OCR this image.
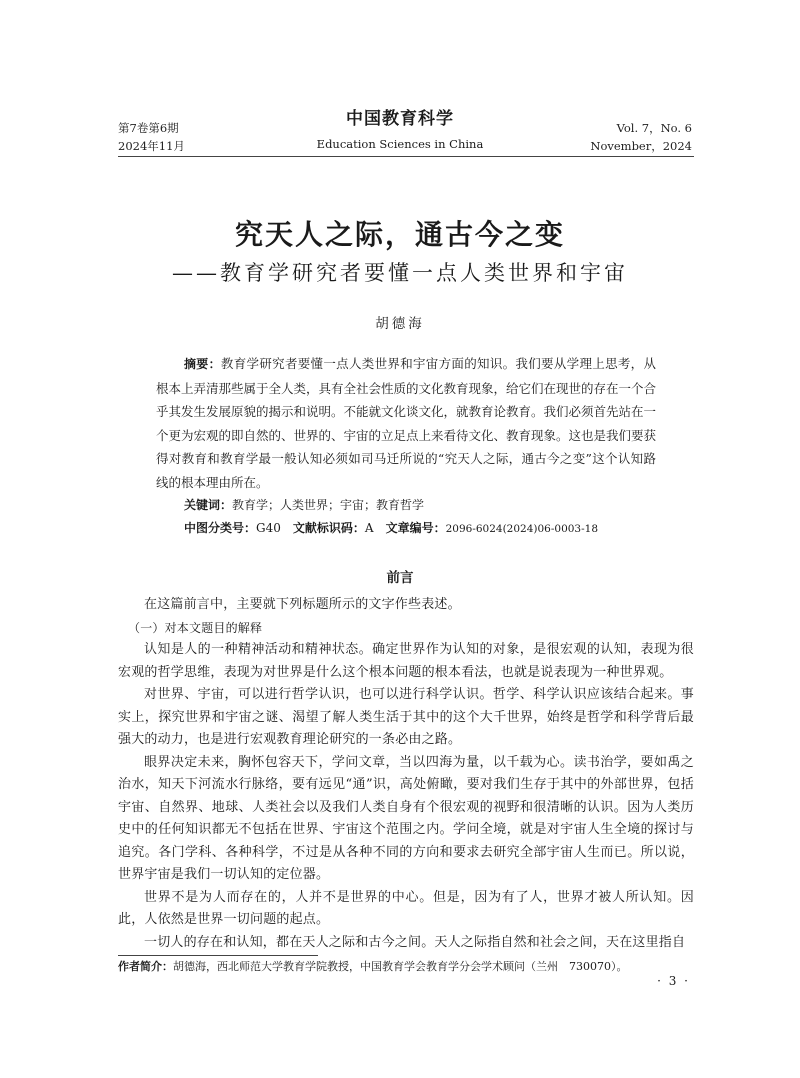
第7卷第6期
2024年11月
中国教育科学
Education Sciences in China
Vol. 7，No. 6
November，2024
究天人之际，通古今之变
——教育学研究者要懂一点人类世界和宇宙
胡德海
摘要：教育学研究者要懂一点人类世界和宇宙方面的知识。我们要从学理上思考，从根本上弄清那些属于全人类，具有全社会性质的文化教育现象，给它们在现世的存在一个合乎其发生发展原貌的揭示和说明。不能就文化谈文化，就教育论教育。我们必须首先站在一个更为宏观的即自然的、世界的、宇宙的立足点上来看待文化、教育现象。这也是我们要获得对教育和教育学最一般认知必须如司马迁所说的“究天人之际，通古今之变”这个认知路线的根本理由所在。
关键词：教育学；人类世界；宇宙；教育哲学
中图分类号：G40 文献标识码：A 文章编号：2096-6024(2024)06-0003-18
前言

在这篇前言中，主要就下列标题所示的文字作些表述。

（一）对本文题目的解释

认知是人的一种精神活动和精神状态。确定世界作为认知的对象，是很宏观的认知，表现为很宏观的哲学思维，表现为对世界是什么这个根本问题的根本看法，也就是说表现为一种世界观。

对世界、宇宙，可以进行哲学认识，也可以进行科学认识。哲学、科学认识应该结合起来。事实上，探究世界和宇宙之谜、渴望了解人类生活于其中的这个大千世界，始终是哲学和科学背后最强大的动力，也是进行宏观教育理论研究的一条必由之路。

眼界决定未来，胸怀包容天下，学问文章，当以四海为量，以千载为心。读书治学，要如禹之治水，知天下河流水行脉络，要有远见“通”识，高处俯瞰，要对我们生存于其中的外部世界，包括宇宙、自然界、地球、人类社会以及我们人类自身有个很宏观的视野和很清晰的认识。因为人类历史中的任何知识都无不包括在世界、宇宙这个范围之内。学问全境，就是对宇宙人生全境的探讨与追究。各门学科、各种科学，不过是从各种不同的方向和要求去研究全部宇宙人生而已。所以说，世界宇宙是我们一切认知的定位器。

世界不是为人而存在的，人并不是世界的中心。但是，因为有了人，世界才被人所认知。因此，人依然是世界一切问题的起点。

一切人的存在和认知，都在天人之际和古今之间。天人之际指自然和社会之间，天在这里指自

作者简介：胡德海，西北师范大学教育学院教授，中国教育学会教育学分会学术顾问（兰州　730070）。
· 3 ·
